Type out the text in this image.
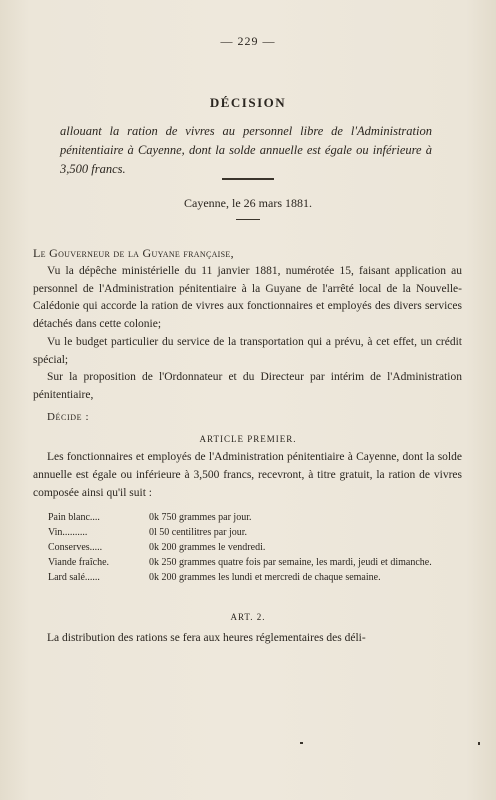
— 229 —
DÉCISION
allouant la ration de vivres au personnel libre de l'Administration pénitentiaire à Cayenne, dont la solde annuelle est égale ou inférieure à 3,500 francs.
Cayenne, le 26 mars 1881.
Le Gouverneur de la Guyane française,

Vu la dépêche ministérielle du 11 janvier 1881, numérotée 15, faisant application au personnel de l'Administration pénitentiaire à la Guyane de l'arrêté local de la Nouvelle-Calédonie qui accorde la ration de vivres aux fonctionnaires et employés des divers services détachés dans cette colonie;

Vu le budget particulier du service de la transportation qui a prévu, à cet effet, un crédit spécial;

Sur la proposition de l'Ordonnateur et du Directeur par intérim de l'Administration pénitentiaire,

Décide :
ARTICLE PREMIER.

Les fonctionnaires et employés de l'Administration pénitentiaire à Cayenne, dont la solde annuelle est égale ou inférieure à 3,500 francs, recevront, à titre gratuit, la ration de vivres composée ainsi qu'il suit :

Pain blanc....	0k 750 grammes par jour.
Vin..........	0l 50 centilitres par jour.
Conserves.....	0k 200 grammes le vendredi.
Viande fraîche.	0k 250 grammes quatre fois par semaine, les mardi, jeudi et dimanche.
Lard salé......	0k 200 grammes les lundi et mercredi de chaque semaine.
ART. 2.

La distribution des rations se fera aux heures réglementaires des déli-
